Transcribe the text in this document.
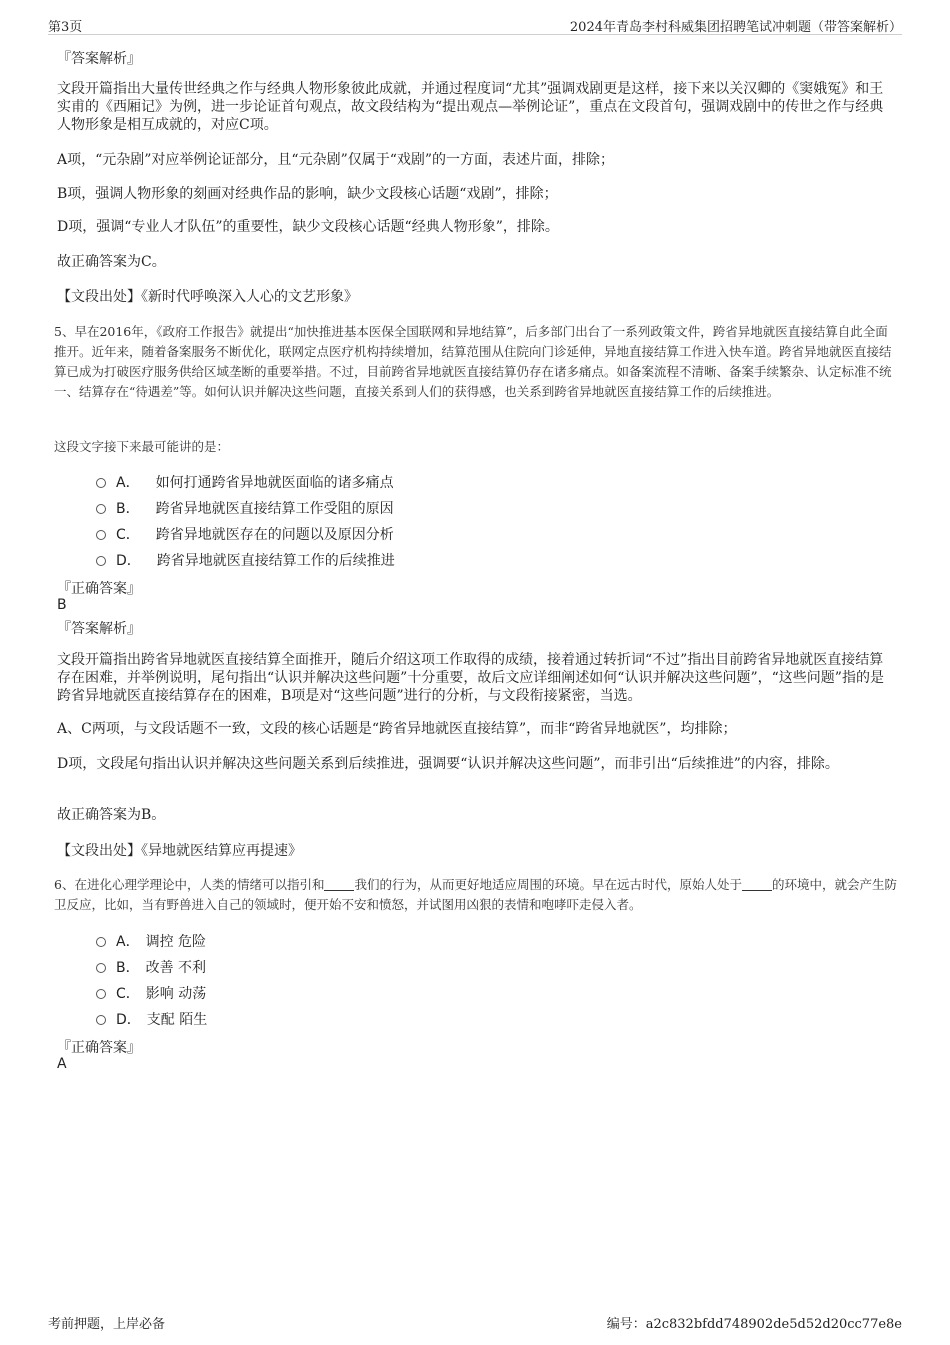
第3页	2024年青岛李村科威集团招聘笔试冲刺题（带答案解析）
『答案解析』
文段开篇指出大量传世经典之作与经典人物形象彼此成就，并通过程度词“尤其”强调戏剧更是这样，接下来以关汉卿的《窦娥冤》和王实甫的《西厢记》为例，进一步论证首句观点，故文段结构为“提出观点—举例论证”，重点在文段首句，强调戏剧中的传世之作与经典人物形象是相互成就的，对应C项。
A项，“元杂剧”对应举例论证部分，且“元杂剧”仅属于“戏剧”的一方面，表述片面，排除；
B项，强调人物形象的刻画对经典作品的影响，缺少文段核心话题“戏剧”，排除；
D项，强调“专业人才队伍”的重要性，缺少文段核心话题“经典人物形象”，排除。
故正确答案为C。
【文段出处】《新时代呼唤深入人心的文艺形象》
5、早在2016年，《政府工作报告》就提出“加快推进基本医保全国联网和异地结算”，后多部门出台了一系列政策文件，跨省异地就医直接结算自此全面推开。近年来，随着备案服务不断优化，联网定点医疗机构持续增加，结算范围从住院向门诊延伸，异地直接结算工作进入快车道。跨省异地就医直接结算已成为打破医疗服务供给区域垄断的重要举措。不过，目前跨省异地就医直接结算仍存在诸多痛点。如备案流程不清晰、备案手续繁杂、认定标准不统一、结算存在“待遇差”等。如何认识并解决这些问题，直接关系到人们的获得感，也关系到跨省异地就医直接结算工作的后续推进。
这段文字接下来最可能讲的是：
A． 如何打通跨省异地就医面临的诸多痛点
B． 跨省异地就医直接结算工作受阻的原因
C． 跨省异地就医存在的问题以及原因分析
D． 跨省异地就医直接结算工作的后续推进
『正确答案』
B
『答案解析』
文段开篇指出跨省异地就医直接结算全面推开，随后介绍这项工作取得的成绩，接着通过转折词“不过”指出目前跨省异地就医直接结算存在困难，并举例说明，尾句指出“认识并解决这些问题”十分重要，故后文应详细阐述如何“认识并解决这些问题”，“这些问题”指的是跨省异地就医直接结算存在的困难，B项是对“这些问题”进行的分析，与文段衔接紧密，当选。
A、C两项，与文段话题不一致，文段的核心话题是“跨省异地就医直接结算”，而非“跨省异地就医”，均排除；
D项，文段尾句指出认识并解决这些问题关系到后续推进，强调要“认识并解决这些问题”，而非引出“后续推进”的内容，排除。
故正确答案为B。
【文段出处】《异地就医结算应再提速》
6、在进化心理学理论中，人类的情绪可以指引和 我们的行为，从而更好地适应周围的环境。早在远古时代，原始人处于 的环境中，就会产生防卫反应，比如，当有野兽进入自己的领域时，便开始不安和愤怒，并试图用凶狠的表情和咆哮吓走侵入者。
A． 调控 危险
B． 改善 不利
C． 影响 动荡
D． 支配 陌生
『正确答案』
A
考前押题，上岸必备	编号：a2c832bfdd748902de5d52d20cc77e8e
